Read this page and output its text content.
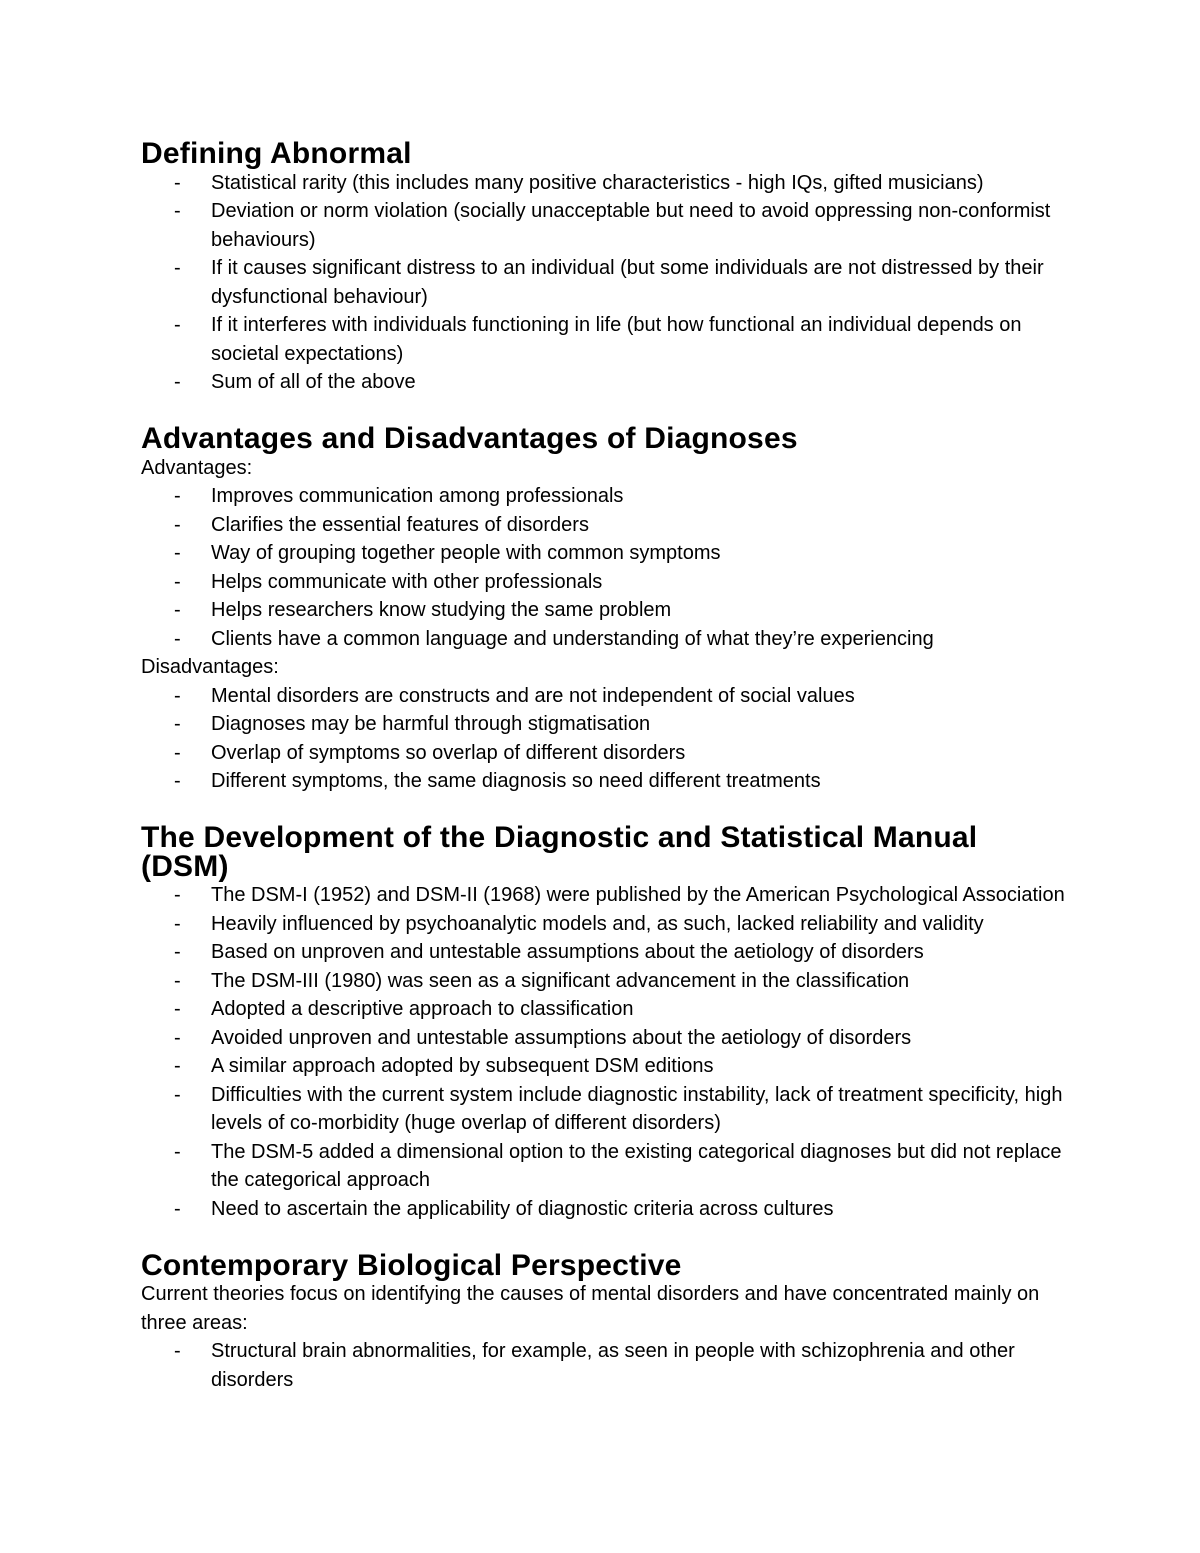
Defining Abnormal
- Statistical rarity (this includes many positive characteristics - high IQs, gifted musicians)
- Deviation or norm violation (socially unacceptable but need to avoid oppressing non-conformist behaviours)
- If it causes significant distress to an individual (but some individuals are not distressed by their dysfunctional behaviour)
- If it interferes with individuals functioning in life (but how functional an individual depends on societal expectations)
- Sum of all of the above
Advantages and Disadvantages of Diagnoses

Advantages:

- Improves communication among professionals
- Clarifies the essential features of disorders
- Way of grouping together people with common symptoms
- Helps communicate with other professionals
- Helps researchers know studying the same problem
- Clients have a common language and understanding of what they’re experiencing

Disadvantages:

- Mental disorders are constructs and are not independent of social values
- Diagnoses may be harmful through stigmatisation
- Overlap of symptoms so overlap of different disorders
- Different symptoms, the same diagnosis so need different treatments
The Development of the Diagnostic and Statistical Manual (DSM)
- The DSM-I (1952) and DSM-II (1968) were published by the American Psychological Association
- Heavily influenced by psychoanalytic models and, as such, lacked reliability and validity
- Based on unproven and untestable assumptions about the aetiology of disorders
- The DSM-III (1980) was seen as a significant advancement in the classification
- Adopted a descriptive approach to classification
- Avoided unproven and untestable assumptions about the aetiology of disorders
- A similar approach adopted by subsequent DSM editions
- Difficulties with the current system include diagnostic instability, lack of treatment specificity, high levels of co-morbidity (huge overlap of different disorders)
- The DSM-5 added a dimensional option to the existing categorical diagnoses but did not replace the categorical approach
- Need to ascertain the applicability of diagnostic criteria across cultures
Contemporary Biological Perspective

Current theories focus on identifying the causes of mental disorders and have concentrated mainly on three areas:

- Structural brain abnormalities, for example, as seen in people with schizophrenia and other disorders
